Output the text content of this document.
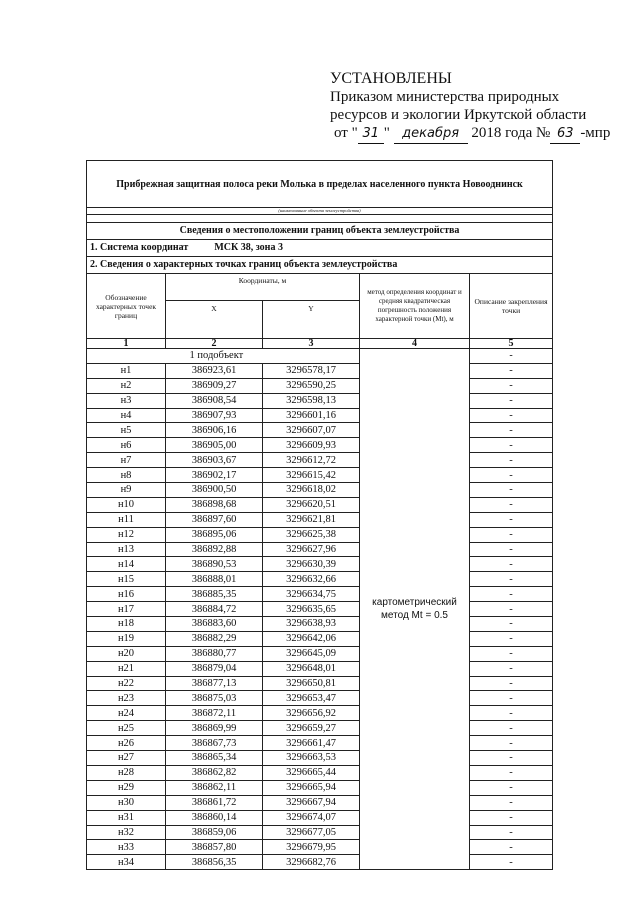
УСТАНОВЛЕНЫ
Приказом министерства природных
ресурсов и экологии Иркутской области
от " 31 " декабря 2018 года № 63 -мпр
Прибрежная защитная полоса реки Молька в пределах населенного пункта Новооднинск				
(наименование объекта землеустройства)				

Сведения о местоположении границ объекта землеустройства				
1. Система координат МСК 38, зона 3				
2. Сведения о характерных точках границ объекта землеустройства				
Обозначение характерных точек границ	Координаты, м		метод определения координат и средняя квадратическая погрешность положения характерной точки (Mt), м	Описание закрепления точки
	X	Y		
1	2	3	4	5
	1 подобъект		картометрический метод Mt = 0.5	-
н1	386923,61	3296578,17		-
н2	386909,27	3296590,25		-
н3	386908,54	3296598,13		-
н4	386907,93	3296601,16		-
н5	386906,16	3296607,07		-
н6	386905,00	3296609,93		-
н7	386903,67	3296612,72		-
н8	386902,17	3296615,42		-
н9	386900,50	3296618,02		-
н10	386898,68	3296620,51		-
н11	386897,60	3296621,81		-
н12	386895,06	3296625,38		-
н13	386892,88	3296627,96		-
н14	386890,53	3296630,39		-
н15	386888,01	3296632,66		-
н16	386885,35	3296634,75		-
н17	386884,72	3296635,65		-
н18	386883,60	3296638,93		-
н19	386882,29	3296642,06		-
н20	386880,77	3296645,09		-
н21	386879,04	3296648,01		-
н22	386877,13	3296650,81		-
н23	386875,03	3296653,47		-
н24	386872,11	3296656,92		-
н25	386869,99	3296659,27		-
н26	386867,73	3296661,47		-
н27	386865,34	3296663,53		-
н28	386862,82	3296665,44		-
н29	386862,11	3296665,94		-
н30	386861,72	3296667,94		-
н31	386860,14	3296674,07		-
н32	386859,06	3296677,05		-
н33	386857,80	3296679,95		-
н34	386856,35	3296682,76		-
